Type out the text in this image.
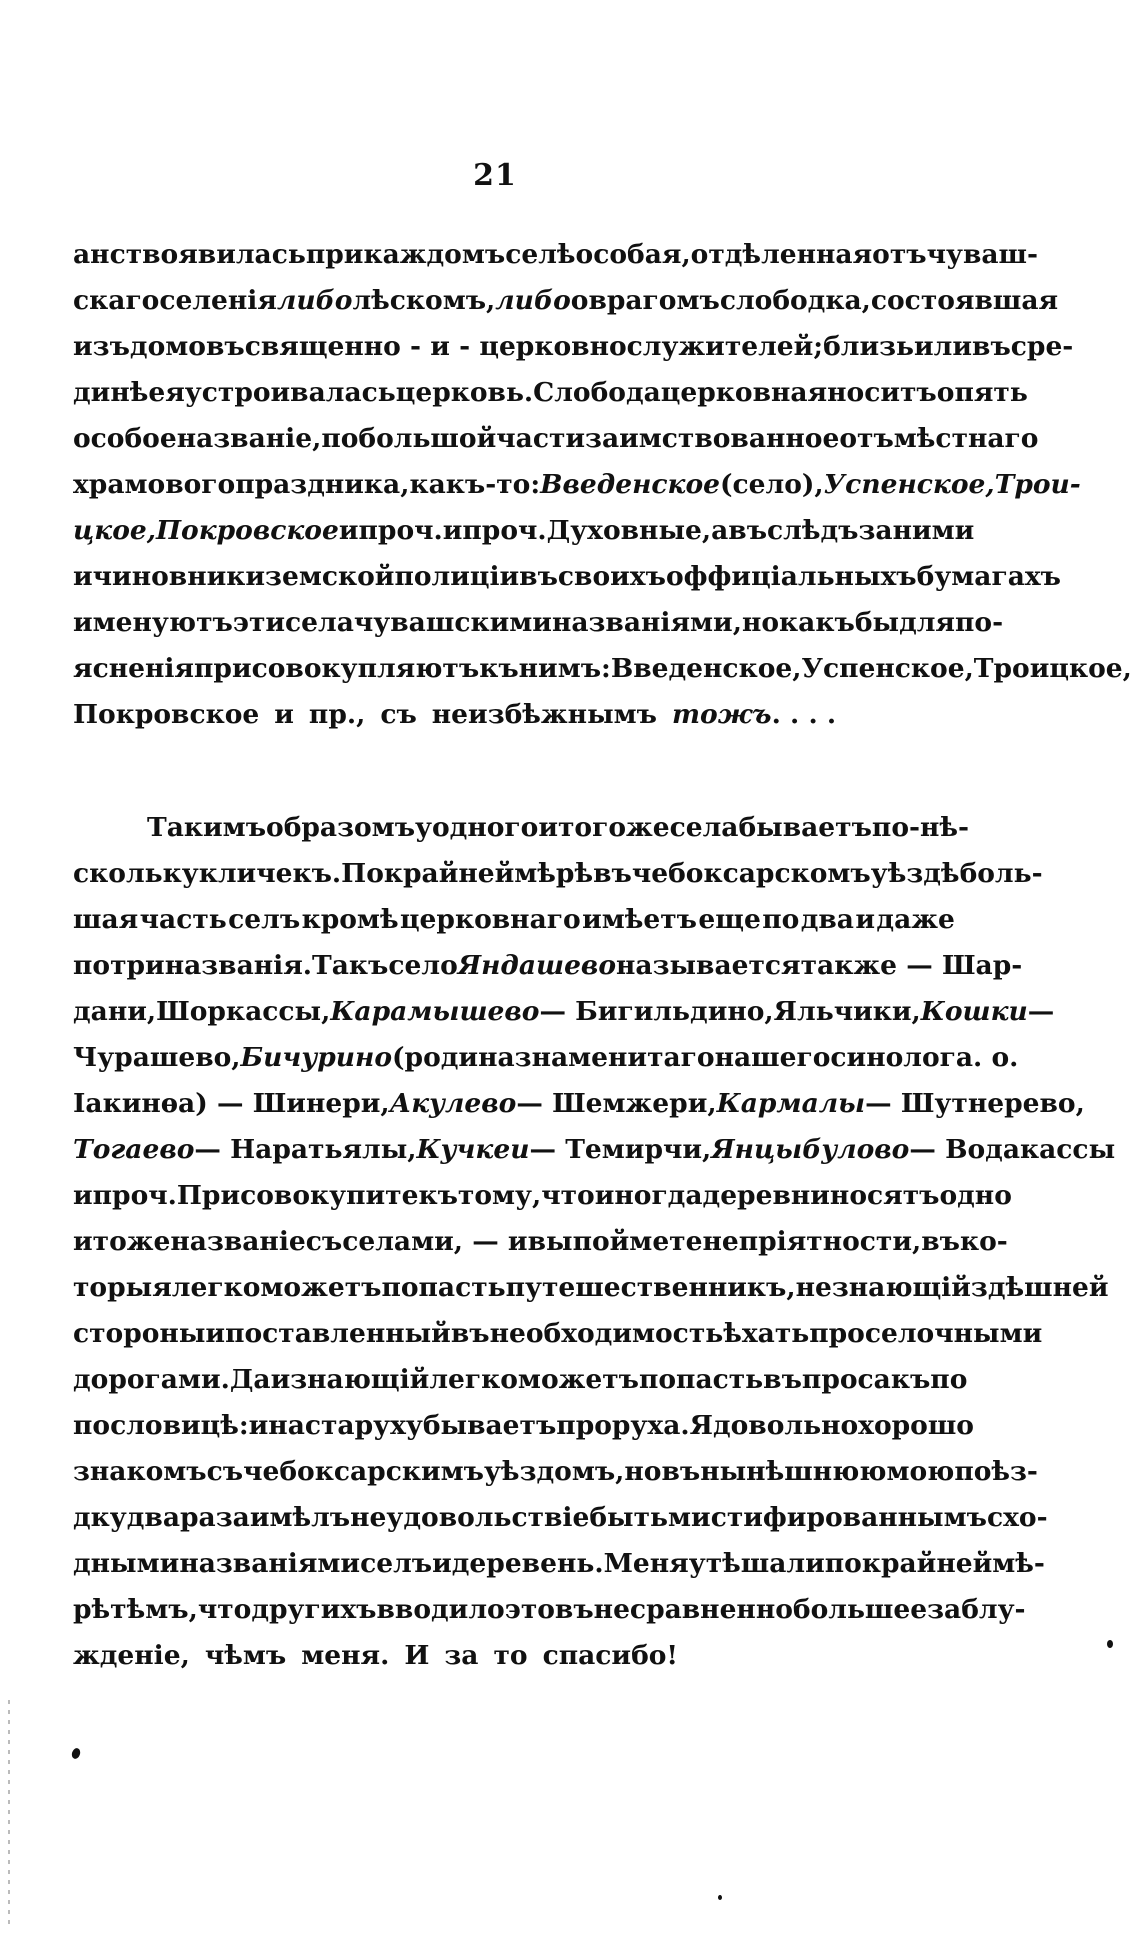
21
анство явилась при каждомъ селѣ особая, отдѣленная отъ чуваш-
скаго селенія либо лѣскомъ, либо оврагомъ слободка, состоявшая
изъ домовъ священно - и - церковнослужителей; близь или въ сре-
динѣ ея устроивалась церковь. Слобода церковная носитъ опять
особое названіе, по большой части заимствованное отъ мѣстнаго
храмового праздника, какъ-то: Введенское (село), Успенское, Трои-
цкое, Покровское и проч. и проч. Духовные, а въ слѣдъ за ними
и чиновники земской полиціи въ своихъ оффиціальныхъ бумагахъ
именуютъ эти села чувашскими названіями, но какъ бы для по-
ясненія присовокупляютъ къ нимъ: Введенское, Успенское, Троицкое,
Покровское и пр., съ неизбѣжнымъ тожъ . . . .
Такимъ образомъ у одного и того же села бываетъ по-нѣ-
скольку кличекъ. Покрайней мѣрѣ въ чебоксарскомъ уѣздѣ боль-
шая часть селъ кромѣ церковнаго имѣетъ еще по два и даже
по три названія. Такъ село Яндашево называется также — Шар-
дани, Шоркассы, Карамышево — Бигильдино, Яльчики, Кошки —
Чурашево, Бичурино (родина знаменитаго нашего синолога . о.
Іакинѳа) — Шинери, Акулево — Шемжери, Кармалы — Шутнерево,
Тогаево — Наратьялы, Кучкеи — Темирчи, Янцыбулово — Водакассы
и проч. Присовокупите къ тому, что иногда деревни носятъ одно
и тоже названіе съ селами, — и вы поймете непріятности, въ ко-
торыя легко можетъ попасть путешественникъ, незнающій здѣшней
стороны и поставленный въ необходимость ѣхать проселочными
дорогами. Да и знающій легко можетъ попасть въ просакъ по
пословицѣ: и на старуху бываетъ проруха. Я довольно хорошо
знакомъ съ чебоксарскимъ уѣздомъ, но въ нынѣшнюю мою поѣз-
дку два раза имѣлъ неудовольствіе быть мистифированнымъ схо-
дными названіями селъ и деревень. Меня утѣшали по крайней мѣ-
рѣ тѣмъ, что другихъ вводило это въ несравненно большее заблу-
жденіе, чѣмъ меня. И за то спасибо!
